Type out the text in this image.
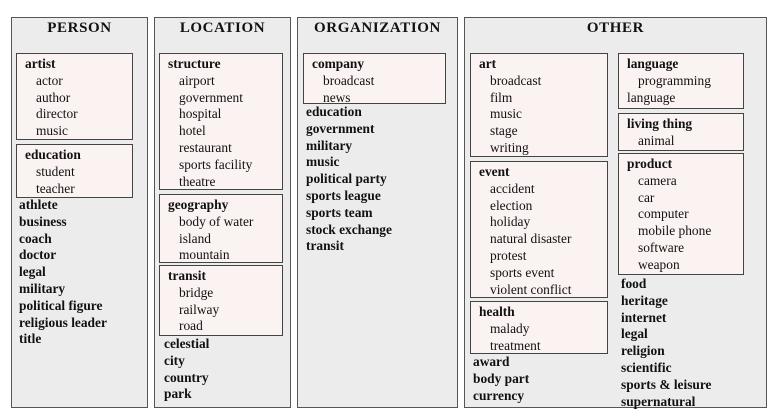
PERSON
artist
actor
author
director
music
education
student
teacher
athlete
business
coach
doctor
legal
military
political figure
religious leader
title
LOCATION
structure
airport
government
hospital
hotel
restaurant
sports facility
theatre
geography
body of water
island
mountain
transit
bridge
railway
road
celestial
city
country
park
ORGANIZATION
company
broadcast
news
education
government
military
music
political party
sports league
sports team
stock exchange
transit
OTHER
art
broadcast
film
music
stage
writing
event
accident
election
holiday
natural disaster
protest
sports event
violent conflict
health
malady
treatment
award
body part
currency
language
programming
language
living thing
animal
product
camera
car
computer
mobile phone
software
weapon
food
heritage
internet
legal
religion
scientific
sports & leisure
supernatural
